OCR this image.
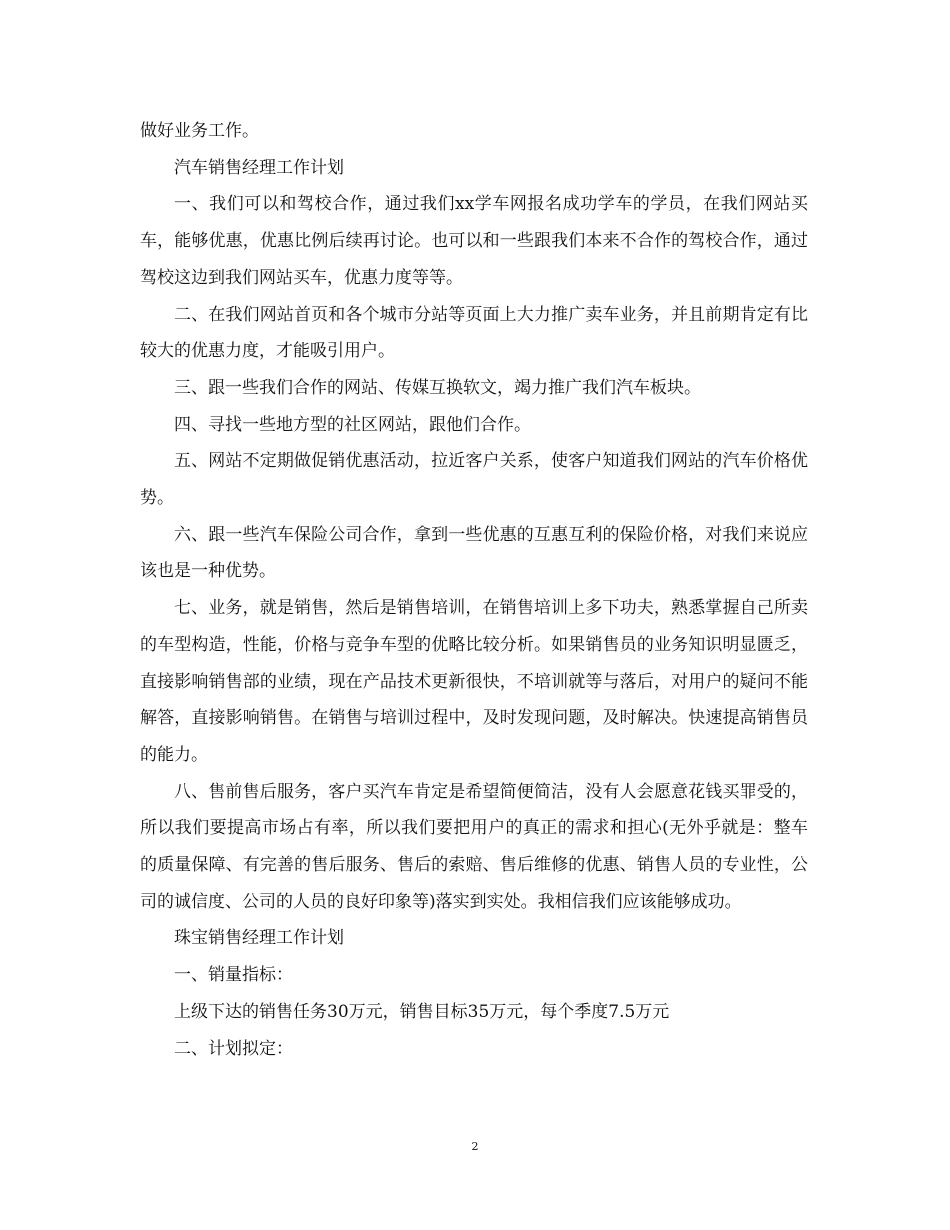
做好业务工作。

汽车销售经理工作计划

一、我们可以和驾校合作，通过我们xx学车网报名成功学车的学员，在我们网站买车，能够优惠，优惠比例后续再讨论。也可以和一些跟我们本来不合作的驾校合作，通过驾校这边到我们网站买车，优惠力度等等。

二、在我们网站首页和各个城市分站等页面上大力推广卖车业务，并且前期肯定有比较大的优惠力度，才能吸引用户。

三、跟一些我们合作的网站、传媒互换软文，竭力推广我们汽车板块。

四、寻找一些地方型的社区网站，跟他们合作。

五、网站不定期做促销优惠活动，拉近客户关系，使客户知道我们网站的汽车价格优势。

六、跟一些汽车保险公司合作，拿到一些优惠的互惠互利的保险价格，对我们来说应该也是一种优势。

七、业务，就是销售，然后是销售培训，在销售培训上多下功夫，熟悉掌握自己所卖的车型构造，性能，价格与竞争车型的优略比较分析。如果销售员的业务知识明显匮乏，直接影响销售部的业绩，现在产品技术更新很快，不培训就等与落后，对用户的疑问不能解答，直接影响销售。在销售与培训过程中，及时发现问题，及时解决。快速提高销售员的能力。

八、售前售后服务，客户买汽车肯定是希望简便简洁，没有人会愿意花钱买罪受的，所以我们要提高市场占有率，所以我们要把用户的真正的需求和担心(无外乎就是：整车的质量保障、有完善的售后服务、售后的索赔、售后维修的优惠、销售人员的专业性，公司的诚信度、公司的人员的良好印象等)落实到实处。我相信我们应该能够成功。

珠宝销售经理工作计划

一、销量指标：

上级下达的销售任务30万元，销售目标35万元，每个季度7.5万元

二、计划拟定：

2
